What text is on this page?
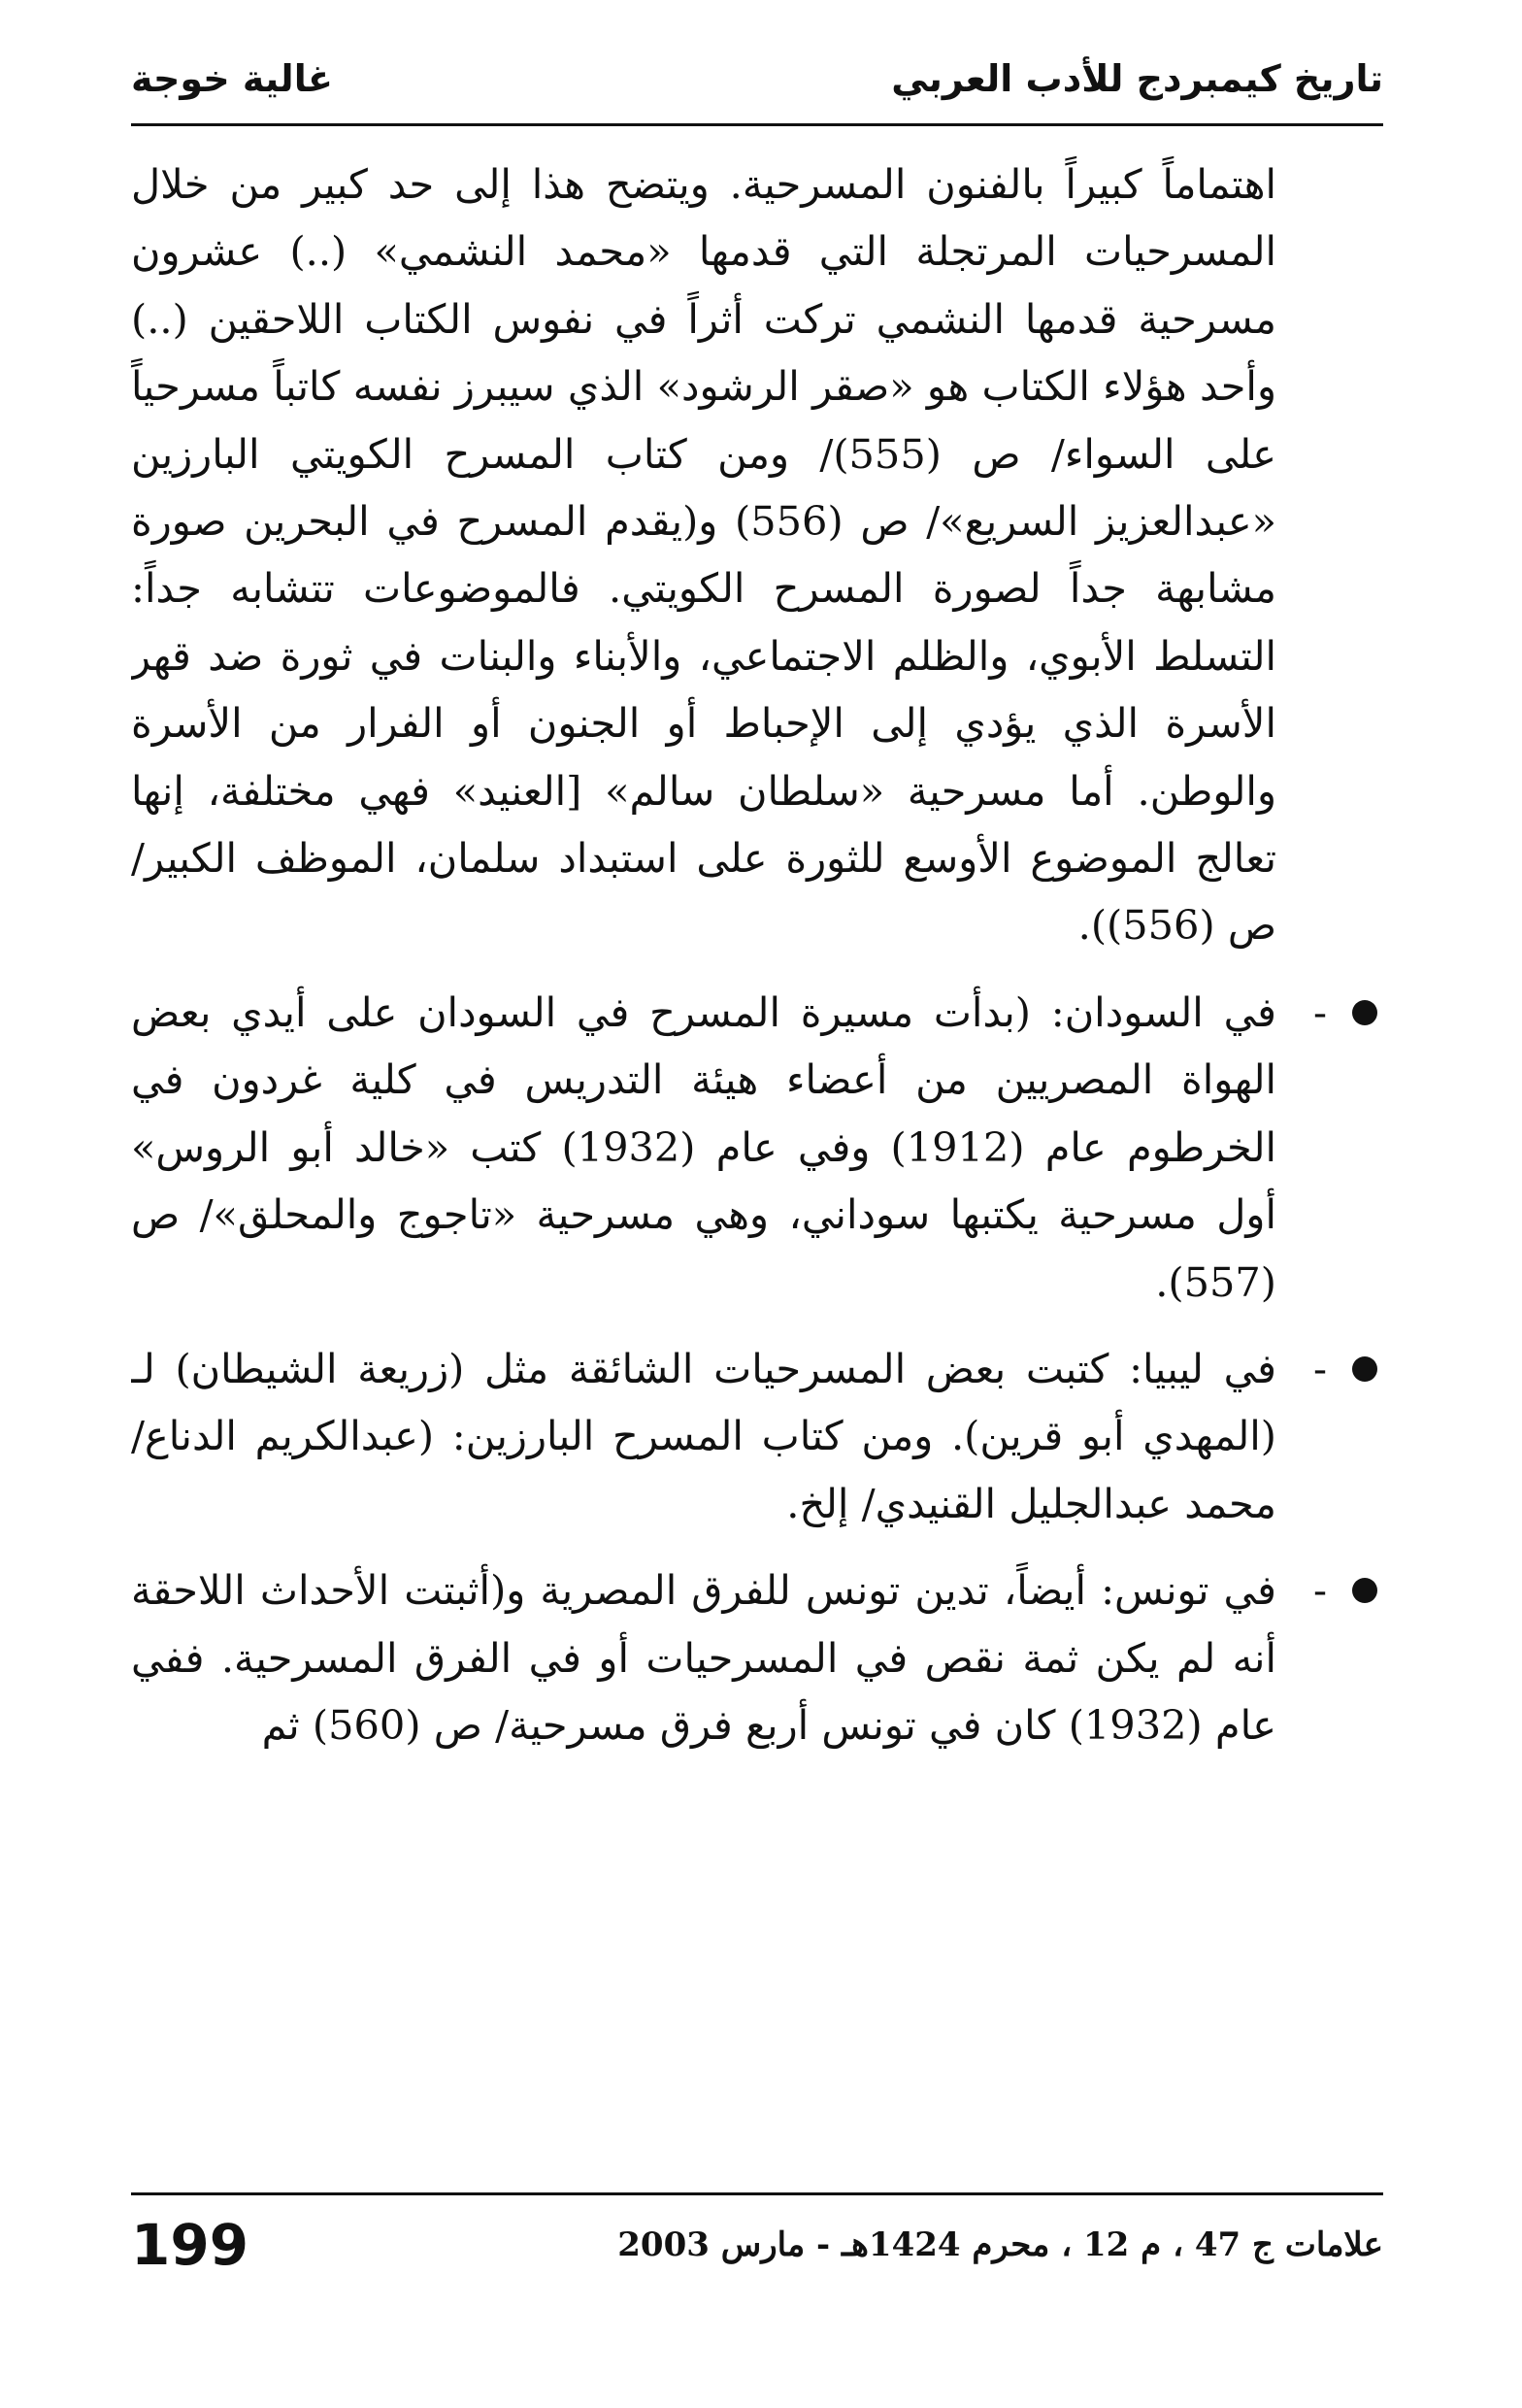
تاريخ كيمبردج للأدب العربي
غالية خوجة

اهتماماً كبيراً بالفنون المسرحية. ويتضح هذا إلى حد كبير من خلال المسرحيات المرتجلة التي قدمها «محمد النشمي» (..) عشرون مسرحية قدمها النشمي تركت أثراً في نفوس الكتاب اللاحقين (..) وأحد هؤلاء الكتاب هو «صقر الرشود» الذي سيبرز نفسه كاتباً مسرحياً على السواء/ ص (555)/ ومن كتاب المسرح الكويتي البارزين «عبدالعزيز السريع»/ ص (556) و(يقدم المسرح في البحرين صورة مشابهة جداً لصورة المسرح الكويتي. فالموضوعات تتشابه جداً: التسلط الأبوي، والظلم الاجتماعي، والأبناء والبنات في ثورة ضد قهر الأسرة الذي يؤدي إلى الإحباط أو الجنون أو الفرار من الأسرة والوطن. أما مسرحية «سلطان سالم» [العنيد» فهي مختلفة، إنها تعالج الموضوع الأوسع للثورة على استبداد سلمان، الموظف الكبير/ ص (556)).

-

في السودان: (بدأت مسيرة المسرح في السودان على أيدي بعض الهواة المصريين من أعضاء هيئة التدريس في كلية غردون في الخرطوم عام (1912) وفي عام (1932) كتب «خالد أبو الروس» أول مسرحية يكتبها سوداني، وهي مسرحية «تاجوج والمحلق»/ ص (557).

-

في ليبيا: كتبت بعض المسرحيات الشائقة مثل (زريعة الشيطان) لـ (المهدي أبو قرين). ومن كتاب المسرح البارزين: (عبدالكريم الدناع/ محمد عبدالجليل القنيدي/ إلخ.

-

في تونس: أيضاً، تدين تونس للفرق المصرية و(أثبتت الأحداث اللاحقة أنه لم يكن ثمة نقص في المسرحيات أو في الفرق المسرحية. ففي عام (1932) كان في تونس أربع فرق مسرحية/ ص (560) ثم

علامات ج 47 ، م 12 ، محرم 1424هـ - مارس 2003
199
